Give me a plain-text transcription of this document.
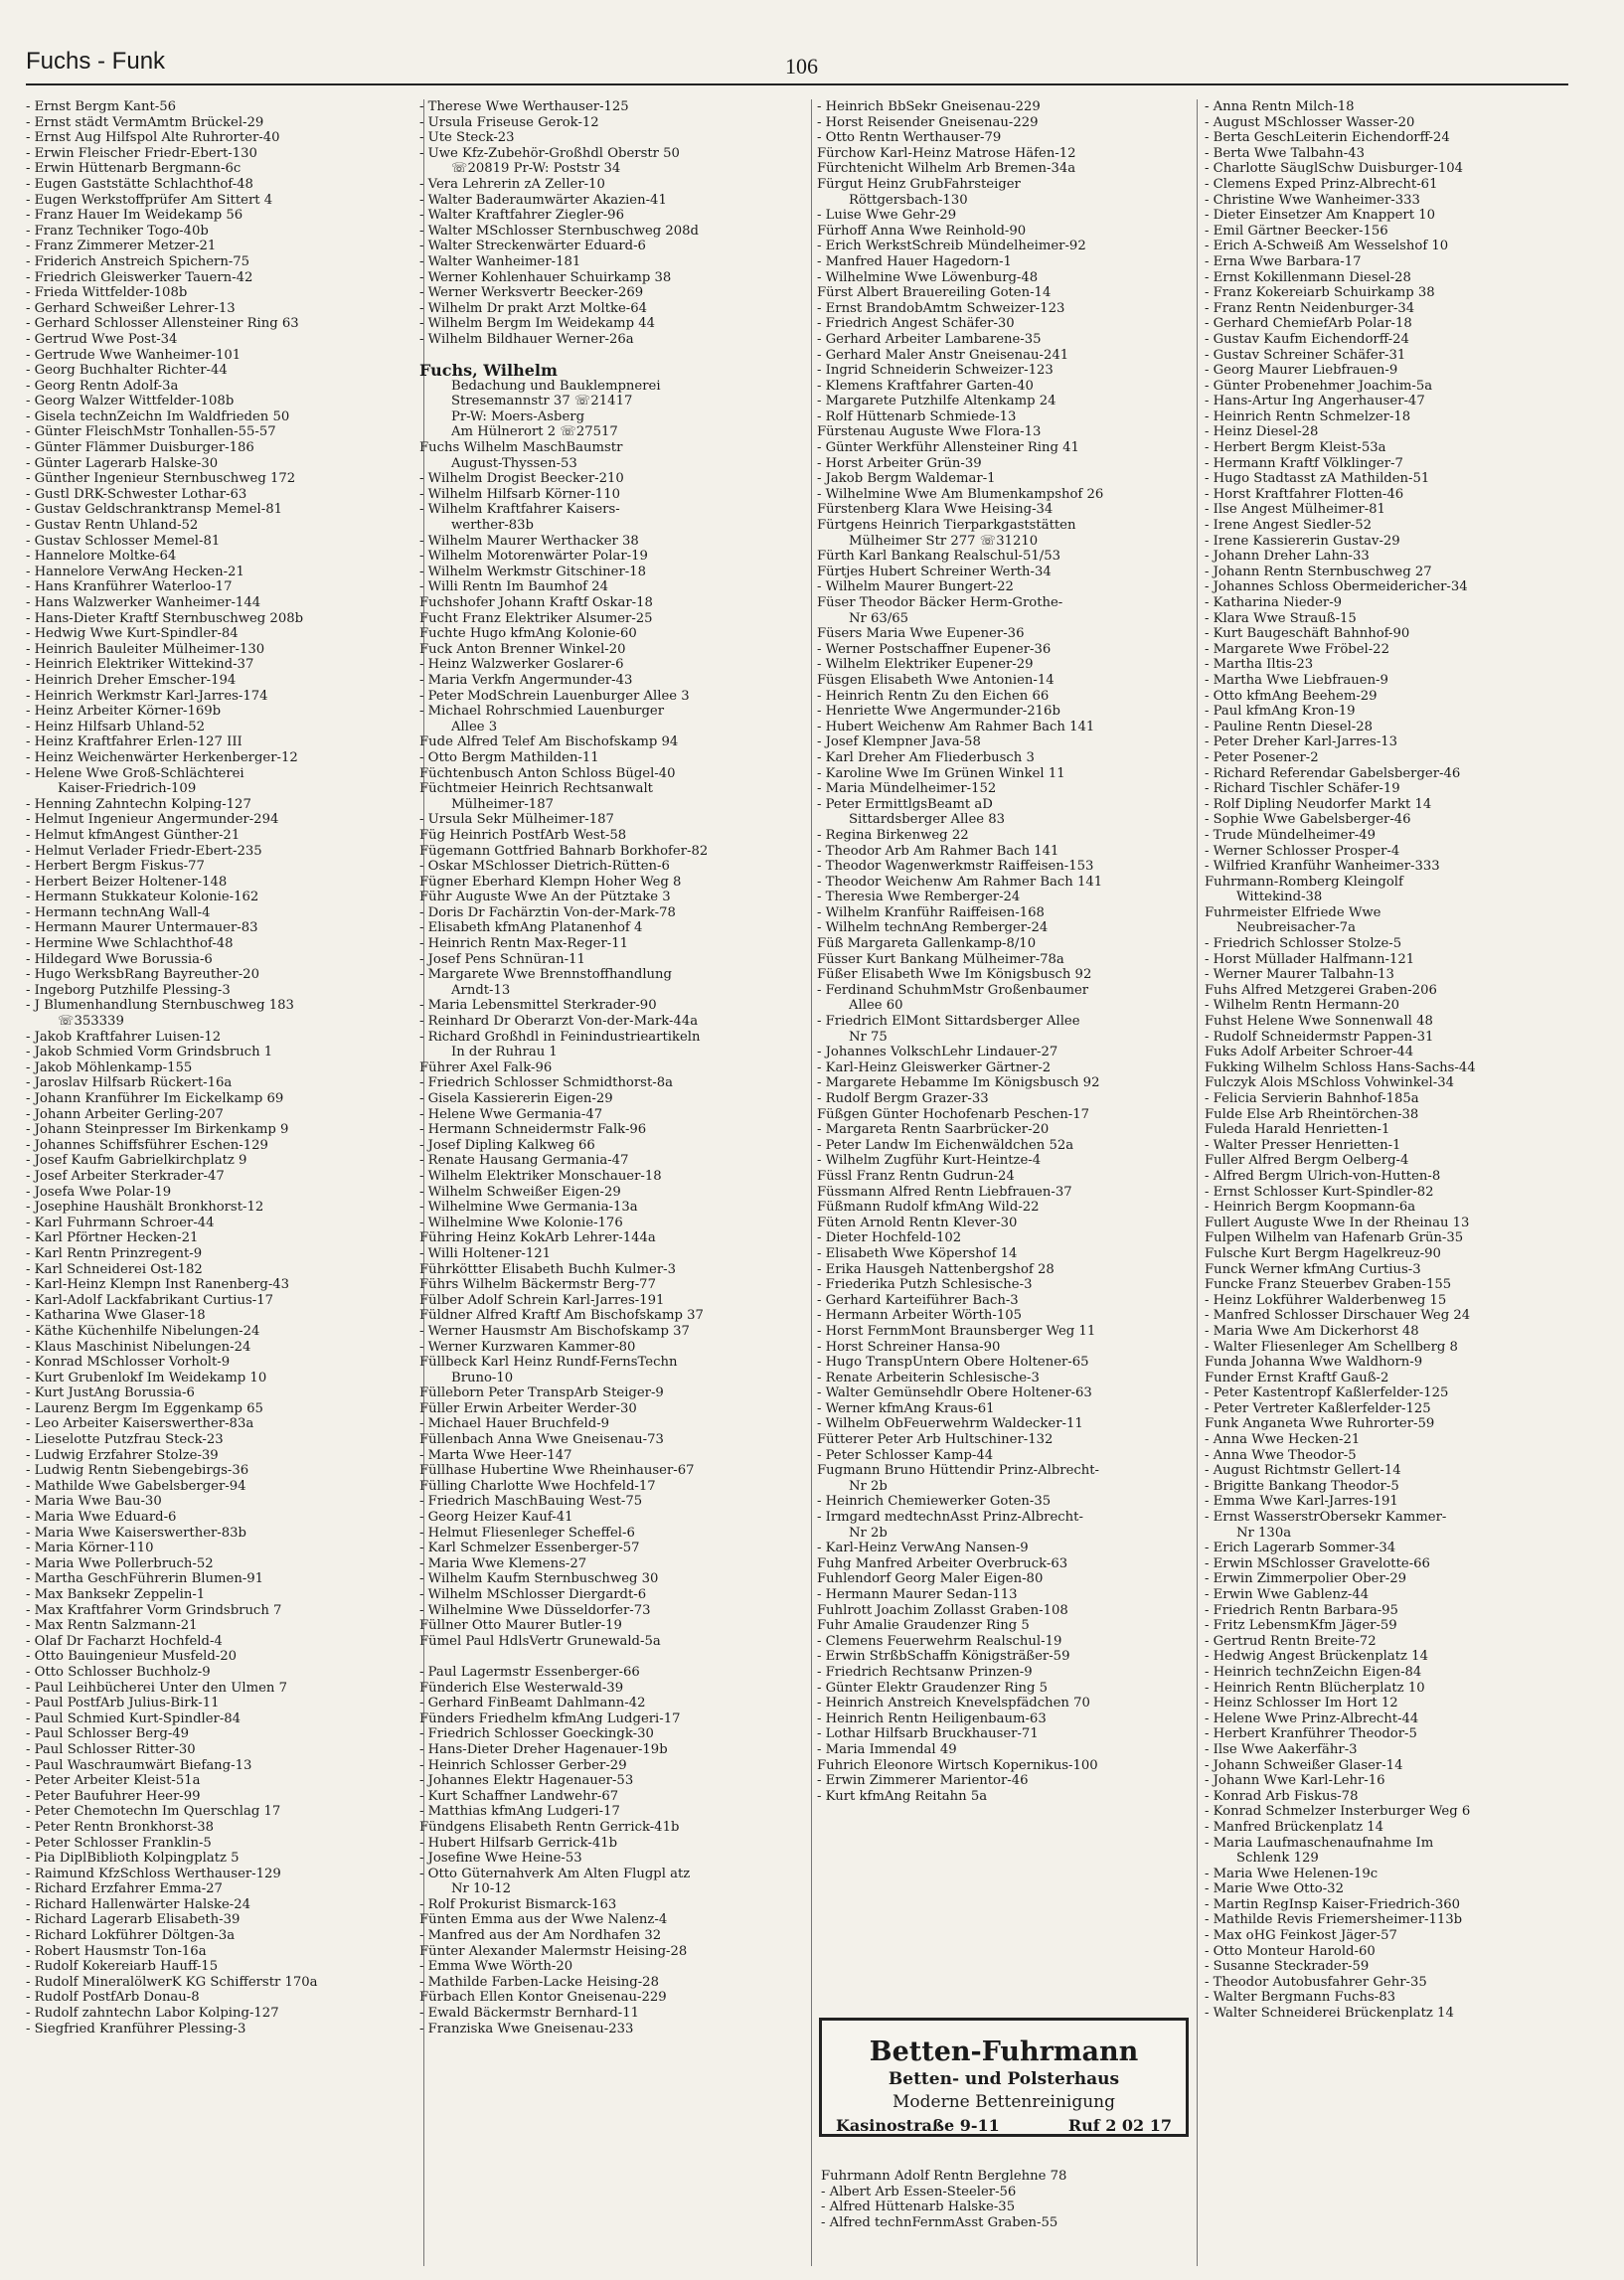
Fuchs - Funk	106
- Ernst Bergm Kant-56
- Ernst städt VermAmtm Brückel-29
- Ernst Aug Hilfspol Alte Ruhrorter-40
- Erwin Fleischer Friedr-Ebert-130
- Erwin Hüttenarb Bergmann-6c
- Eugen Gaststätte Schlachthof-48
- Eugen Werkstoffprüfer Am Sittert 4
- Franz Hauer Im Weidekamp 56
- Franz Techniker Togo-40b
- Franz Zimmerer Metzer-21
- Friderich Anstreich Spichern-75
- Friedrich Gleiswerker Tauern-42
- Frieda Wittfelder-108b
- Gerhard Schweißer Lehrer-13
- Gerhard Schlosser Allensteiner Ring 63
- Gertrud Wwe Post-34
- Gertrude Wwe Wanheimer-101
- Georg Buchhalter Richter-44
- Georg Rentn Adolf-3a
- Georg Walzer Wittfelder-108b
- Gisela technZeichn Im Waldfrieden 50
- Günter FleischMstr Tonhallen-55-57
- Günter Flämmer Duisburger-186
- Günter Lagerarb Halske-30
- Günther Ingenieur Sternbuschweg 172
- Gustl DRK-Schwester Lothar-63
- Gustav Geldschranktransp Memel-81
- Gustav Rentn Uhland-52
- Gustav Schlosser Memel-81
- Hannelore Moltke-64
- Hannelore VerwAng Hecken-21
- Hans Kranführer Waterloo-17
- Hans Walzwerker Wanheimer-144
- Hans-Dieter Kraftf Sternbuschweg 208b
- Hedwig Wwe Kurt-Spindler-84
- Heinrich Bauleiter Mülheimer-130
- Heinrich Elektriker Wittekind-37
- Heinrich Dreher Emscher-194
- Heinrich Werkmstr Karl-Jarres-174
- Heinz Arbeiter Körner-169b
- Heinz Hilfsarb Uhland-52
- Heinz Kraftfahrer Erlen-127 III
- Heinz Weichenwärter Herkenberger-12
- Helene Wwe Groß-Schlächterei
Kaiser-Friedrich-109
- Henning Zahntechn Kolping-127
- Helmut Ingenieur Angermunder-294
- Helmut kfmAngest Günther-21
- Helmut Verlader Friedr-Ebert-235
- Herbert Bergm Fiskus-77
- Herbert Beizer Holtener-148
- Hermann Stukkateur Kolonie-162
- Hermann technAng Wall-4
- Hermann Maurer Untermauer-83
- Hermine Wwe Schlachthof-48
- Hildegard Wwe Borussia-6
- Hugo WerksbRang Bayreuther-20
- Ingeborg Putzhilfe Plessing-3
- J Blumenhandlung Sternbuschweg 183
☏353339
- Jakob Kraftfahrer Luisen-12
- Jakob Schmied Vorm Grindsbruch 1
- Jakob Möhlenkamp-155
- Jaroslav Hilfsarb Rückert-16a
- Johann Kranführer Im Eickelkamp 69
- Johann Arbeiter Gerling-207
- Johann Steinpresser Im Birkenkamp 9
- Johannes Schiffsführer Eschen-129
- Josef Kaufm Gabrielkirchplatz 9
- Josef Arbeiter Sterkrader-47
- Josefa Wwe Polar-19
- Josephine Haushält Bronkhorst-12
- Karl Fuhrmann Schroer-44
- Karl Pförtner Hecken-21
- Karl Rentn Prinzregent-9
- Karl Schneiderei Ost-182
- Karl-Heinz Klempn Inst Ranenberg-43
- Karl-Adolf Lackfabrikant Curtius-17
- Katharina Wwe Glaser-18
- Käthe Küchenhilfe Nibelungen-24
- Klaus Maschinist Nibelungen-24
- Konrad MSchlosser Vorholt-9
- Kurt Grubenlokf Im Weidekamp 10
- Kurt JustAng Borussia-6
- Laurenz Bergm Im Eggenkamp 65
- Leo Arbeiter Kaiserswerther-83a
- Lieselotte Putzfrau Steck-23
- Ludwig Erzfahrer Stolze-39
- Ludwig Rentn Siebengebirgs-36
- Mathilde Wwe Gabelsberger-94
- Maria Wwe Bau-30
- Maria Wwe Eduard-6
- Maria Wwe Kaiserswerther-83b
- Maria Körner-110
- Maria Wwe Pollerbruch-52
- Martha GeschFührerin Blumen-91
- Max Banksekr Zeppelin-1
- Max Kraftfahrer Vorm Grindsbruch 7
- Max Rentn Salzmann-21
- Olaf Dr Facharzt Hochfeld-4
- Otto Bauingenieur Musfeld-20
- Otto Schlosser Buchholz-9
- Paul Leihbücherei Unter den Ulmen 7
- Paul PostfArb Julius-Birk-11
- Paul Schmied Kurt-Spindler-84
- Paul Schlosser Berg-49
- Paul Schlosser Ritter-30
- Paul Waschraumwärt Biefang-13
- Peter Arbeiter Kleist-51a
- Peter Baufuhrer Heer-99
- Peter Chemotechn Im Querschlag 17
- Peter Rentn Bronkhorst-38
- Peter Schlosser Franklin-5
- Pia DiplBiblioth Kolpingplatz 5
- Raimund KfzSchloss Werthauser-129
- Richard Erzfahrer Emma-27
- Richard Hallenwärter Halske-24
- Richard Lagerarb Elisabeth-39
- Richard Lokführer Döltgen-3a
- Robert Hausmstr Ton-16a
- Rudolf Kokereiarb Hauff-15
- Rudolf MineralölwerK KG Schifferstr 170a
- Rudolf PostfArb Donau-8
- Rudolf zahntechn Labor Kolping-127
- Siegfried Kranführer Plessing-3
- Therese Wwe Werthauser-125
- Ursula Friseuse Gerok-12
- Ute Steck-23
- Uwe Kfz-Zubehör-Großhdl Oberstr 50
☏20819 Pr-W: Poststr 34
- Vera Lehrerin zA Zeller-10
- Walter Baderaumwärter Akazien-41
- Walter Kraftfahrer Ziegler-96
- Walter MSchlosser Sternbuschweg 208d
- Walter Streckenwärter Eduard-6
- Walter Wanheimer-181
- Werner Kohlenhauer Schuirkamp 38
- Werner Werksvertr Beecker-269
- Wilhelm Dr prakt Arzt Moltke-64
- Wilhelm Bergm Im Weidekamp 44
- Wilhelm Bildhauer Werner-26a

Fuchs, Wilhelm
Bedachung und Bauklempnerei
Stresemannstr 37 ☏21417
Pr-W: Moers-Asberg
Am Hülnerort 2 ☏27517
Fuchs Wilhelm MaschBaumstr
August-Thyssen-53
- Wilhelm Drogist Beecker-210
- Wilhelm Hilfsarb Körner-110
- Wilhelm Kraftfahrer Kaisers-
werther-83b
- Wilhelm Maurer Werthacker 38
- Wilhelm Motorenwärter Polar-19
- Wilhelm Werkmstr Gitschiner-18
- Willi Rentn Im Baumhof 24
Fuchshofer Johann Kraftf Oskar-18
Fucht Franz Elektriker Alsumer-25
Fuchte Hugo kfmAng Kolonie-60
Fuck Anton Brenner Winkel-20
- Heinz Walzwerker Goslarer-6
- Maria Verkfn Angermunder-43
- Peter ModSchrein Lauenburger Allee 3
- Michael Rohrschmied Lauenburger
Allee 3
Fude Alfred Telef Am Bischofskamp 94
- Otto Bergm Mathilden-11
Füchtenbusch Anton Schloss Bügel-40
Füchtmeier Heinrich Rechtsanwalt
Mülheimer-187
- Ursula Sekr Mülheimer-187
Füg Heinrich PostfArb West-58
Fügemann Gottfried Bahnarb Borkhofer-82
- Oskar MSchlosser Dietrich-Rütten-6
Fügner Eberhard Klempn Hoher Weg 8
Führ Auguste Wwe An der Pütztake 3
- Doris Dr Fachärztin Von-der-Mark-78
- Elisabeth kfmAng Platanenhof 4
- Heinrich Rentn Max-Reger-11
- Josef Pens Schnüran-11
- Margarete Wwe Brennstoffhandlung
Arndt-13
- Maria Lebensmittel Sterkrader-90
- Reinhard Dr Oberarzt Von-der-Mark-44a
- Richard Großhdl in Feinindustrieartikeln
In der Ruhrau 1
Führer Axel Falk-96
- Friedrich Schlosser Schmidthorst-8a
- Gisela Kassiererin Eigen-29
- Helene Wwe Germania-47
- Hermann Schneidermstr Falk-96
- Josef Dipling Kalkweg 66
- Renate Hausang Germania-47
- Wilhelm Elektriker Monschauer-18
- Wilhelm Schweißer Eigen-29
- Wilhelmine Wwe Germania-13a
- Wilhelmine Wwe Kolonie-176
Führing Heinz KokArb Lehrer-144a
- Willi Holtener-121
Führköttter Elisabeth Buchh Kulmer-3
Führs Wilhelm Bäckermstr Berg-77
Fülber Adolf Schrein Karl-Jarres-191
Füldner Alfred Kraftf Am Bischofskamp 37
- Werner Hausmstr Am Bischofskamp 37
- Werner Kurzwaren Kammer-80
Füllbeck Karl Heinz Rundf-FernsTechn
Bruno-10
Fülleborn Peter TranspArb Steiger-9
Füller Erwin Arbeiter Werder-30
- Michael Hauer Bruchfeld-9
Füllenbach Anna Wwe Gneisenau-73
- Marta Wwe Heer-147
Füllhase Hubertine Wwe Rheinhauser-67
Fülling Charlotte Wwe Hochfeld-17
- Friedrich MaschBauing West-75
- Georg Heizer Kauf-41
- Helmut Fliesenleger Scheffel-6
- Karl Schmelzer Essenberger-57
- Maria Wwe Klemens-27
- Wilhelm Kaufm Sternbuschweg 30
- Wilhelm MSchlosser Diergardt-6
- Wilhelmine Wwe Düsseldorfer-73
Füllner Otto Maurer Butler-19
Fümel Paul HdlsVertr Grunewald-5a

- Paul Lagermstr Essenberger-66
Fünderich Else Westerwald-39
- Gerhard FinBeamt Dahlmann-42
Fünders Friedhelm kfmAng Ludgeri-17
- Friedrich Schlosser Goeckingk-30
- Hans-Dieter Dreher Hagenauer-19b
- Heinrich Schlosser Gerber-29
- Johannes Elektr Hagenauer-53
- Kurt Schaffner Landwehr-67
- Matthias kfmAng Ludgeri-17
Fündgens Elisabeth Rentn Gerrick-41b
- Hubert Hilfsarb Gerrick-41b
- Josefine Wwe Heine-53
- Otto Güternahverk Am Alten Flugpl atz
Nr 10-12
- Rolf Prokurist Bismarck-163
Fünten Emma aus der Wwe Nalenz-4
- Manfred aus der Am Nordhafen 32
Fünter Alexander Malermstr Heising-28
- Emma Wwe Wörth-20
- Mathilde Farben-Lacke Heising-28
Fürbach Ellen Kontor Gneisenau-229
- Ewald Bäckermstr Bernhard-11
- Franziska Wwe Gneisenau-233
- Heinrich BbSekr Gneisenau-229
- Horst Reisender Gneisenau-229
- Otto Rentn Werthauser-79
Fürchow Karl-Heinz Matrose Häfen-12
Fürchtenicht Wilhelm Arb Bremen-34a
Fürgut Heinz GrubFahrsteiger
Röttgersbach-130
- Luise Wwe Gehr-29
Fürhoff Anna Wwe Reinhold-90
- Erich WerkstSchreib Mündelheimer-92
- Manfred Hauer Hagedorn-1
- Wilhelmine Wwe Löwenburg-48
Fürst Albert Brauereiling Goten-14
- Ernst BrandobAmtm Schweizer-123
- Friedrich Angest Schäfer-30
- Gerhard Arbeiter Lambarene-35
- Gerhard Maler Anstr Gneisenau-241
- Ingrid Schneiderin Schweizer-123
- Klemens Kraftfahrer Garten-40
- Margarete Putzhilfe Altenkamp 24
- Rolf Hüttenarb Schmiede-13
Fürstenau Auguste Wwe Flora-13
- Günter Werkführ Allensteiner Ring 41
- Horst Arbeiter Grün-39
- Jakob Bergm Waldemar-1
- Wilhelmine Wwe Am Blumenkampshof 26
Fürstenberg Klara Wwe Heising-34
Fürtgens Heinrich Tierparkgaststätten
Mülheimer Str 277 ☏31210
Fürth Karl Bankang Realschul-51/53
Fürtjes Hubert Schreiner Werth-34
- Wilhelm Maurer Bungert-22
Füser Theodor Bäcker Herm-Grothe-
Nr 63/65
Füsers Maria Wwe Eupener-36
- Werner Postschaffner Eupener-36
- Wilhelm Elektriker Eupener-29
Füsgen Elisabeth Wwe Antonien-14
- Heinrich Rentn Zu den Eichen 66
- Henriette Wwe Angermunder-216b
- Hubert Weichenw Am Rahmer Bach 141
- Josef Klempner Java-58
- Karl Dreher Am Fliederbusch 3
- Karoline Wwe Im Grünen Winkel 11
- Maria Mündelheimer-152
- Peter ErmittlgsBeamt aD
Sittardsberger Allee 83
- Regina Birkenweg 22
- Theodor Arb Am Rahmer Bach 141
- Theodor Wagenwerkmstr Raiffeisen-153
- Theodor Weichenw Am Rahmer Bach 141
- Theresia Wwe Remberger-24
- Wilhelm Kranführ Raiffeisen-168
- Wilhelm technAng Remberger-24
Füß Margareta Gallenkamp-8/10
Füsser Kurt Bankang Mülheimer-78a
Füßer Elisabeth Wwe Im Königsbusch 92
- Ferdinand SchuhmMstr Großenbaumer
Allee 60
- Friedrich ElMont Sittardsberger Allee
Nr 75
- Johannes VolkschLehr Lindauer-27
- Karl-Heinz Gleiswerker Gärtner-2
- Margarete Hebamme Im Königsbusch 92
- Rudolf Bergm Grazer-33
Füßgen Günter Hochofenarb Peschen-17
- Margareta Rentn Saarbrücker-20
- Peter Landw Im Eichenwäldchen 52a
- Wilhelm Zugführ Kurt-Heintze-4
Füssl Franz Rentn Gudrun-24
Füssmann Alfred Rentn Liebfrauen-37
Füßmann Rudolf kfmAng Wild-22
Füten Arnold Rentn Klever-30
- Dieter Hochfeld-102
- Elisabeth Wwe Köpershof 14
- Erika Hausgeh Nattenbergshof 28
- Friederika Putzh Schlesische-3
- Gerhard Karteiführer Bach-3
- Hermann Arbeiter Wörth-105
- Horst FernmMont Braunsberger Weg 11
- Horst Schreiner Hansa-90
- Hugo TranspUntern Obere Holtener-65
- Renate Arbeiterin Schlesische-3
- Walter Gemünsehdlr Obere Holtener-63
- Werner kfmAng Kraus-61
- Wilhelm ObFeuerwehrm Waldecker-11
Fütterer Peter Arb Hultschiner-132
- Peter Schlosser Kamp-44
Fugmann Bruno Hüttendir Prinz-Albrecht-
Nr 2b
- Heinrich Chemiewerker Goten-35
- Irmgard medtechnAsst Prinz-Albrecht-
Nr 2b
- Karl-Heinz VerwAng Nansen-9
Fuhg Manfred Arbeiter Overbruck-63
Fuhlendorf Georg Maler Eigen-80
- Hermann Maurer Sedan-113
Fuhlrott Joachim Zollasst Graben-108
Fuhr Amalie Graudenzer Ring 5
- Clemens Feuerwehrm Realschul-19
- Erwin StrßbSchaffn Königsträßer-59
- Friedrich Rechtsanw Prinzen-9
- Günter Elektr Graudenzer Ring 5
- Heinrich Anstreich Knevelspfädchen 70
- Heinrich Rentn Heiligenbaum-63
- Lothar Hilfsarb Bruckhauser-71
- Maria Immendal 49
Fuhrich Eleonore Wirtsch Kopernikus-100
- Erwin Zimmerer Marientor-46
- Kurt kfmAng Reitahn 5a
- Anna Rentn Milch-18
- August MSchlosser Wasser-20
- Berta GeschLeiterin Eichendorff-24
- Berta Wwe Talbahn-43
- Charlotte SäuglSchw Duisburger-104
- Clemens Exped Prinz-Albrecht-61
- Christine Wwe Wanheimer-333
- Dieter Einsetzer Am Knappert 10
- Emil Gärtner Beecker-156
- Erich A-Schweiß Am Wesselshof 10
- Erna Wwe Barbara-17
- Ernst Kokillenmann Diesel-28
- Franz Kokereiarb Schuirkamp 38
- Franz Rentn Neidenburger-34
- Gerhard ChemiefArb Polar-18
- Gustav Kaufm Eichendorff-24
- Gustav Schreiner Schäfer-31
- Georg Maurer Liebfrauen-9
- Günter Probenehmer Joachim-5a
- Hans-Artur Ing Angerhauser-47
- Heinrich Rentn Schmelzer-18
- Heinz Diesel-28
- Herbert Bergm Kleist-53a
- Hermann Kraftf Völklinger-7
- Hugo Stadtasst zA Mathilden-51
- Horst Kraftfahrer Flotten-46
- Ilse Angest Mülheimer-81
- Irene Angest Siedler-52
- Irene Kassiererin Gustav-29
- Johann Dreher Lahn-33
- Johann Rentn Sternbuschweg 27
- Johannes Schloss Obermeidericher-34
- Katharina Nieder-9
- Klara Wwe Strauß-15
- Kurt Baugeschäft Bahnhof-90
- Margarete Wwe Fröbel-22
- Martha Iltis-23
- Martha Wwe Liebfrauen-9
- Otto kfmAng Beehem-29
- Paul kfmAng Kron-19
- Pauline Rentn Diesel-28
- Peter Dreher Karl-Jarres-13
- Peter Posener-2
- Richard Referendar Gabelsberger-46
- Richard Tischler Schäfer-19
- Rolf Dipling Neudorfer Markt 14
- Sophie Wwe Gabelsberger-46
- Trude Mündelheimer-49
- Werner Schlosser Prosper-4
- Wilfried Kranführ Wanheimer-333
Fuhrmann-Romberg Kleingolf
Wittekind-38
Fuhrmeister Elfriede Wwe
Neubreisacher-7a
- Friedrich Schlosser Stolze-5
- Horst Müllader Halfmann-121
- Werner Maurer Talbahn-13
Fuhs Alfred Metzgerei Graben-206
- Wilhelm Rentn Hermann-20
Fuhst Helene Wwe Sonnenwall 48
- Rudolf Schneidermstr Pappen-31
Fuks Adolf Arbeiter Schroer-44
Fukking Wilhelm Schloss Hans-Sachs-44
Fulczyk Alois MSchloss Vohwinkel-34
- Felicia Servierin Bahnhof-185a
Fulde Else Arb Rheintörchen-38
Fuleda Harald Henrietten-1
- Walter Presser Henrietten-1
Fuller Alfred Bergm Oelberg-4
- Alfred Bergm Ulrich-von-Hutten-8
- Ernst Schlosser Kurt-Spindler-82
- Heinrich Bergm Koopmann-6a
Fullert Auguste Wwe In der Rheinau 13
Fulpen Wilhelm van Hafenarb Grün-35
Fulsche Kurt Bergm Hagelkreuz-90
Funck Werner kfmAng Curtius-3
Funcke Franz Steuerbev Graben-155
- Heinz Lokführer Walderbenweg 15
- Manfred Schlosser Dirschauer Weg 24
- Maria Wwe Am Dickerhorst 48
- Walter Fliesenleger Am Schellberg 8
Funda Johanna Wwe Waldhorn-9
Funder Ernst Kraftf Gauß-2
- Peter Kastentropf Kaßlerfelder-125
- Peter Vertreter Kaßlerfelder-125
Funk Anganeta Wwe Ruhrorter-59
- Anna Wwe Hecken-21
- Anna Wwe Theodor-5
- August Richtmstr Gellert-14
- Brigitte Bankang Theodor-5
- Emma Wwe Karl-Jarres-191
- Ernst WasserstrObersekr Kammer-
Nr 130a
- Erich Lagerarb Sommer-34
- Erwin MSchlosser Gravelotte-66
- Erwin Zimmerpolier Ober-29
- Erwin Wwe Gablenz-44
- Friedrich Rentn Barbara-95
- Fritz LebensmKfm Jäger-59
- Gertrud Rentn Breite-72
- Hedwig Angest Brückenplatz 14
- Heinrich technZeichn Eigen-84
- Heinrich Rentn Blücherplatz 10
- Heinz Schlosser Im Hort 12
- Helene Wwe Prinz-Albrecht-44
- Herbert Kranführer Theodor-5
- Ilse Wwe Aakerfähr-3
- Johann Schweißer Glaser-14
- Johann Wwe Karl-Lehr-16
- Konrad Arb Fiskus-78
- Konrad Schmelzer Insterburger Weg 6
- Manfred Brückenplatz 14
- Maria Laufmaschenaufnahme Im
Schlenk 129
- Maria Wwe Helenen-19c
- Marie Wwe Otto-32
- Martin RegInsp Kaiser-Friedrich-360
- Mathilde Revis Friemersheimer-113b
- Max oHG Feinkost Jäger-57
- Otto Monteur Harold-60
- Susanne Steckrader-59
- Theodor Autobusfahrer Gehr-35
- Walter Bergmann Fuchs-83
- Walter Schneiderei Brückenplatz 14
Betten-Fuhrmann
Betten- und Polsterhaus
Moderne Bettenreinigung
Kasinostraße 9-11	Ruf 2 02 17
Fuhrmann Adolf Rentn Berglehne 78
- Albert Arb Essen-Steeler-56
- Alfred Hüttenarb Halske-35
- Alfred technFernmAsst Graben-55
